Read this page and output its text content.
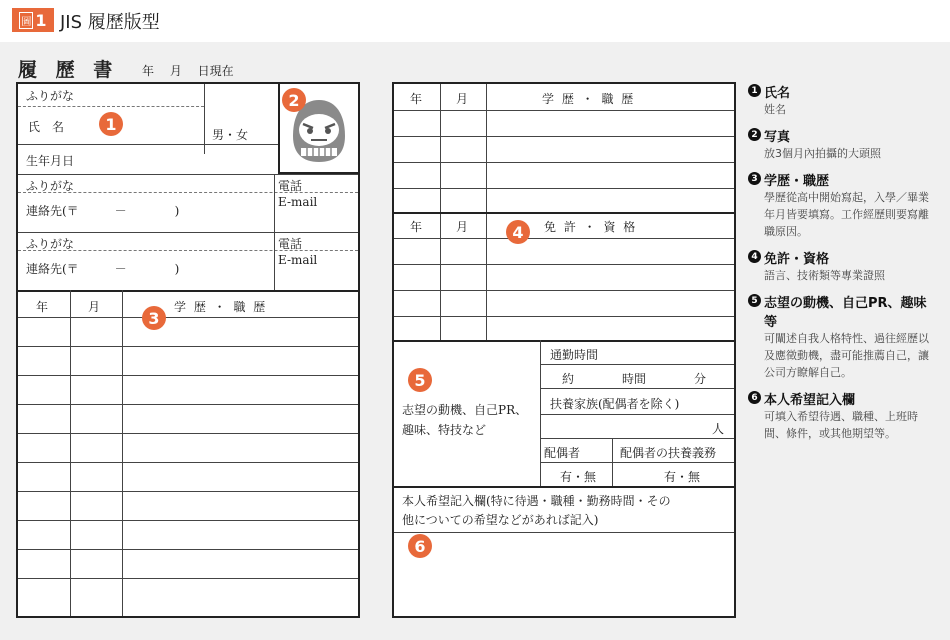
圖 1 JIS 履歷版型
履 歷 書 年 月 日現在
ふりがな
氏　名
男・女
生年月日
ふりがな
連絡先(〒　　　－　　　　)
電話
E-mail
ふりがな
連絡先(〒　　　－　　　　)
電話
E-mail
年	月	学 歴 ・ 職 歴
年	月	学 歴 ・ 職 歴
年	月	免 許 ・ 資 格
志望の動機、自己PR、趣味、特技など
通勤時間
約　　　　時間　　　　分
扶養家族(配偶者を除く)
人
配偶者	配偶者の扶養義務
有・無	有・無
本人希望記入欄(特に待遇・職種・勤務時間・その他についての希望などがあれば記入)
1
2
3
4
5
6
1 氏名
姓名
2 写真
放3個月內拍攝的大頭照
3 学歴・職歴
學歷從高中開始寫起，入學／畢業年月皆要填寫。工作經歷則要寫離職原因。
4 免許・資格
語言、技術類等專業證照
5 志望の動機、自己PR、趣味等
可闡述自我人格特性、過往經歷以及應徵動機，盡可能推薦自己，讓公司方瞭解自己。
6 本人希望記入欄
可填入希望待遇、職種、上班時間、條件，或其他期望等。
